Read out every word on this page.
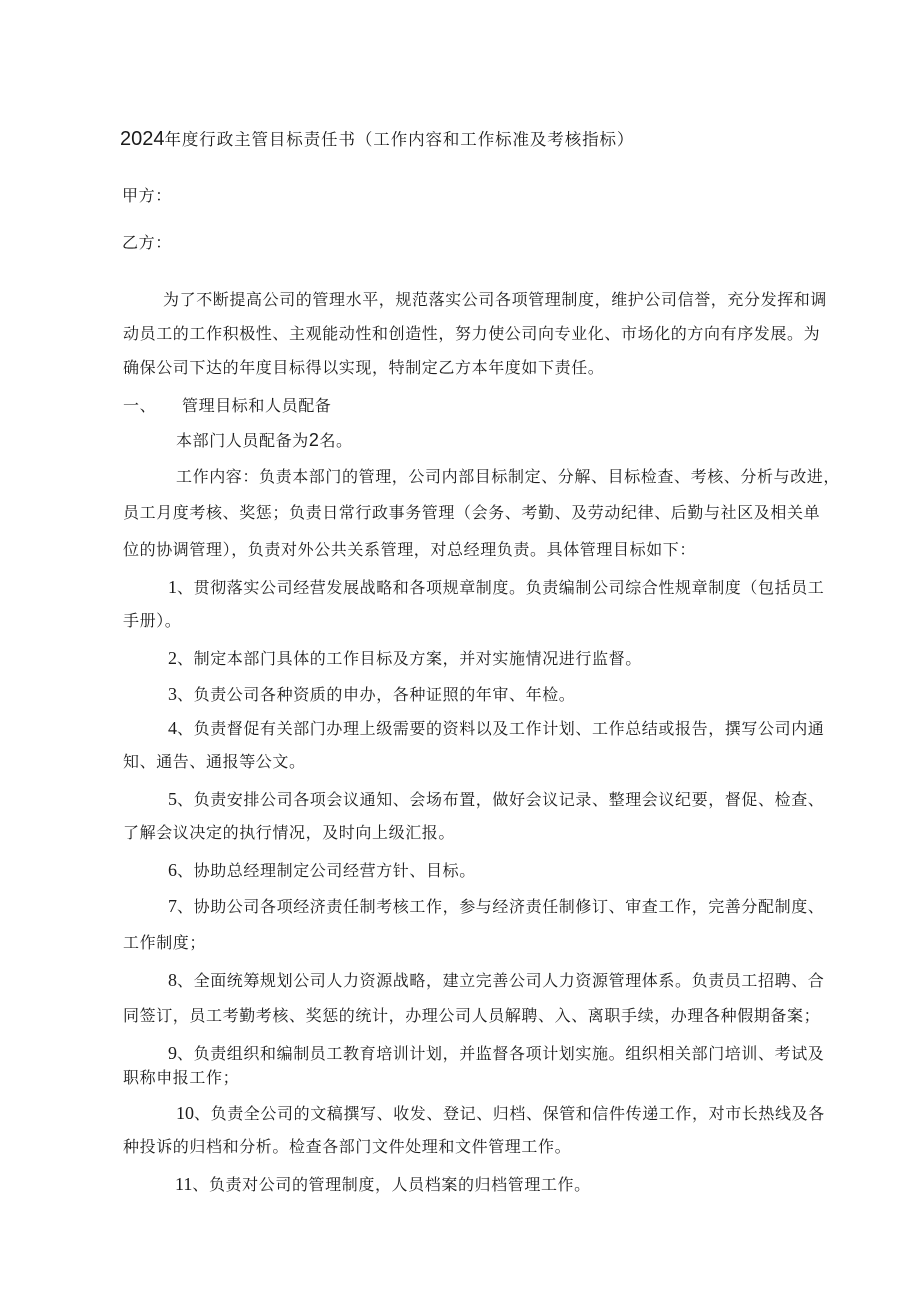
2024年度行政主管目标责任书（工作内容和工作标准及考核指标）
甲方：
乙方：
为了不断提高公司的管理水平，规范落实公司各项管理制度，维护公司信誉，充分发挥和调
动员工的工作积极性、主观能动性和创造性，努力使公司向专业化、市场化的方向有序发展。为
确保公司下达的年度目标得以实现，特制定乙方本年度如下责任。
一、 管理目标和人员配备
本部门人员配备为2名。
工作内容：负责本部门的管理，公司内部目标制定、分解、目标检查、考核、分析与改进，
员工月度考核、奖惩；负责日常行政事务管理（会务、考勤、及劳动纪律、后勤与社区及相关单
位的协调管理），负责对外公共关系管理，对总经理负责。具体管理目标如下：
1、贯彻落实公司经营发展战略和各项规章制度。负责编制公司综合性规章制度（包括员工
手册）。
2、制定本部门具体的工作目标及方案，并对实施情况进行监督。
3、负责公司各种资质的申办，各种证照的年审、年检。
4、负责督促有关部门办理上级需要的资料以及工作计划、工作总结或报告，撰写公司内通
知、通告、通报等公文。
5、负责安排公司各项会议通知、会场布置，做好会议记录、整理会议纪要，督促、检查、
了解会议决定的执行情况，及时向上级汇报。
6、协助总经理制定公司经营方针、目标。
7、协助公司各项经济责任制考核工作，参与经济责任制修订、审查工作，完善分配制度、
工作制度；
8、全面统筹规划公司人力资源战略，建立完善公司人力资源管理体系。负责员工招聘、合
同签订，员工考勤考核、奖惩的统计，办理公司人员解聘、入、离职手续，办理各种假期备案；
9、负责组织和编制员工教育培训计划，并监督各项计划实施。组织相关部门培训、考试及
职称申报工作；
10、负责全公司的文稿撰写、收发、登记、归档、保管和信件传递工作，对市长热线及各
种投诉的归档和分析。检查各部门文件处理和文件管理工作。
11、负责对公司的管理制度，人员档案的归档管理工作。
